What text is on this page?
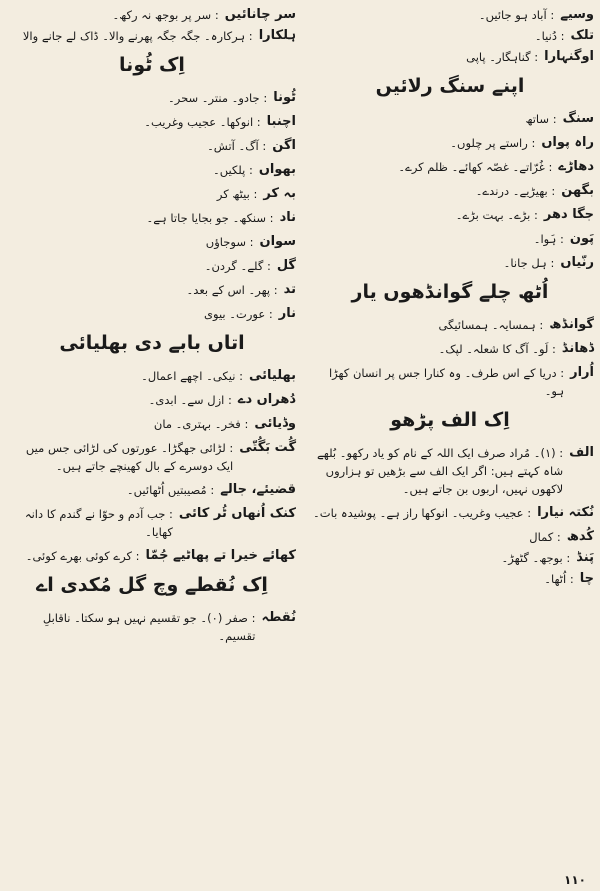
وسیے
: آباد ہو جائیں۔
تلک
: دُنیا۔
اوگنہارا
: گناہگار۔ پاپی
اپنے سنگ رلائیں
سنگ
: ساتھ
راہ پواں
: راستے پر چلوں۔
دھاڑے
: غُرّاتے۔ غصّہ کھائے۔ ظلم کرے۔
بگھن
: بھیڑیے۔ درندے۔
جگا دھر
: بڑے۔ بہت بڑے۔
پَون
: ہَوا۔
رنّیاں
: ہل جانا۔
اُٹھ چلے گوانڈھوں یار
گوانڈھ
: ہمسایہ۔ ہمسائیگی
ڈھانڈ
: لَو۔ آگ کا شعلہ۔ لپک۔
اُرار
: دریا کے اس طرف۔ وہ کنارا جس پر انسان کھڑا ہو۔
اِک الف پڑھو
الف
: (۱)۔ مُراد صرف ایک اللہ کے نام کو یاد رکھو۔ بُلھے شاہ کہتے ہیں: اگر ایک الف سے بڑھیں تو ہزاروں لاکھوں نہیں، اربوں بن جاتے ہیں۔
نُکتہ نیارا
: عجیب وغریب۔ انوکھا راز ہے۔ پوشیدہ بات۔
کُدھ
: کمال
پَنڈ
: بوجھ۔ گٹھڑ۔
چا
: اُٹھا۔
سر چانائیں
: سر پر بوجھ نہ رکھ۔
ہلکارا
: ہرکارہ۔ جگہ جگہ پھرنے والا۔ ڈاک لے جانے والا
اِک ٹُونا
ٹُونا
: جادو۔ منتر۔ سحر۔
اچنبا
: انوکھا۔ عجیب وغریب۔
اگن
: آگ۔ آتش۔
بھواں
: پلکیں۔
بہ کر
: بیٹھ کر
ناد
: سنکھ۔ جو بجایا جاتا ہے۔
سوان
: سوجاؤں
گل
: گلے۔ گردن۔
تد
: پھر۔ اس کے بعد۔
نار
: عورت۔ بیوی
اتاں بابے دی بھلیائی
بھلیائی
: نیکی۔ اچھے اعمال۔
دُھراں دے
: ازل سے۔ ابدی۔
وڈیائی
: فخر۔ بہتری۔ مان
گُت بَگُتّی
: لڑائی جھگڑا۔ عورتوں کی لڑائی جس میں ایک دوسرے کے بال کھینچے جاتے ہیں۔
قضیئے، جالے
: مُصیبتیں اُٹھائیں۔
کنک اُنھاں ٹُر کائی
: جب آدم و حوّا نے گندم کا دانہ کھایا۔
کھائے خیرا تے پھاٹیے جُمّا
: کرے کوئی بھرے کوئی۔
اِک نُقطے وچ گل مُکدی اے
نُقطہ
: صفر (۰)۔ جو تقسیم نہیں ہو سکتا۔ ناقابلِ تقسیم۔
۱۱۰
